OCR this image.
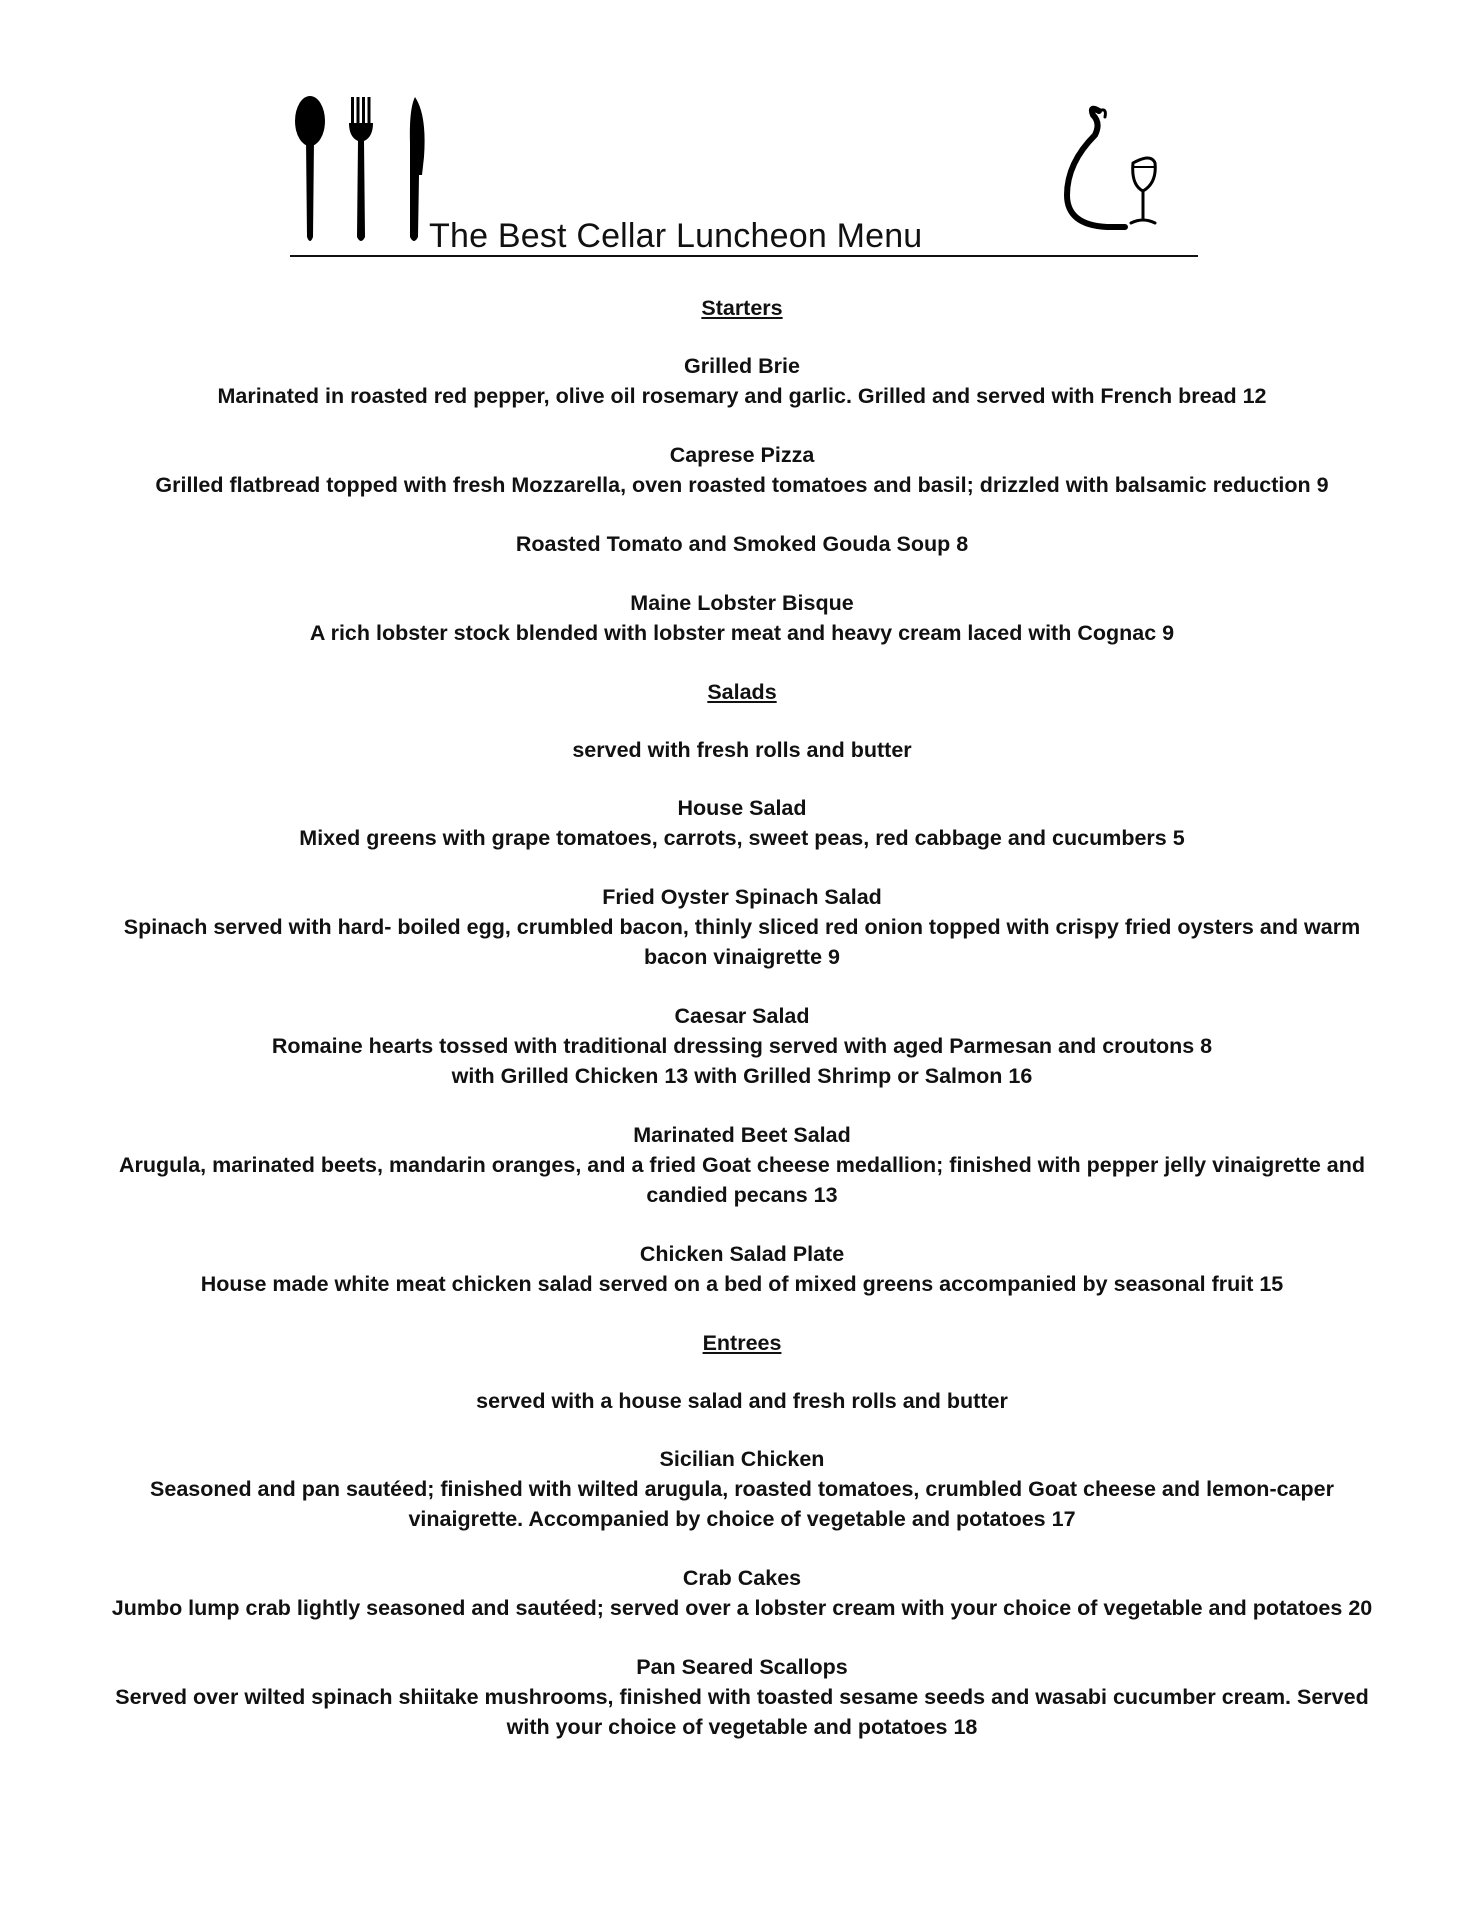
The Best Cellar Luncheon Menu
Starters
Grilled Brie
Marinated in roasted red pepper, olive oil rosemary and garlic. Grilled and served with French bread 12
Caprese Pizza
Grilled flatbread topped with fresh Mozzarella, oven roasted tomatoes and basil; drizzled with balsamic reduction 9
Roasted Tomato and Smoked Gouda Soup 8
Maine Lobster Bisque
A rich lobster stock blended with lobster meat and heavy cream laced with Cognac 9
Salads
served with fresh rolls and butter
House Salad
Mixed greens with grape tomatoes, carrots, sweet peas, red cabbage and cucumbers 5
Fried Oyster Spinach Salad
Spinach served with hard- boiled egg, crumbled bacon, thinly sliced red onion topped with crispy fried oysters and warm bacon vinaigrette 9
Caesar Salad
Romaine hearts tossed with traditional dressing served with aged Parmesan and croutons 8
with Grilled Chicken 13 with Grilled Shrimp or Salmon 16
Marinated Beet Salad
Arugula, marinated beets, mandarin oranges, and a fried Goat cheese medallion; finished with pepper jelly vinaigrette and candied pecans 13
Chicken Salad Plate
House made white meat chicken salad served on a bed of mixed greens accompanied by seasonal fruit 15
Entrees
served with a house salad and fresh rolls and butter
Sicilian Chicken
Seasoned and pan sautéed; finished with wilted arugula, roasted tomatoes, crumbled Goat cheese and lemon-caper vinaigrette. Accompanied by choice of vegetable and potatoes 17
Crab Cakes
Jumbo lump crab lightly seasoned and sautéed; served over a lobster cream with your choice of vegetable and potatoes 20
Pan Seared Scallops
Served over wilted spinach shiitake mushrooms, finished with toasted sesame seeds and wasabi cucumber cream. Served with your choice of vegetable and potatoes 18
